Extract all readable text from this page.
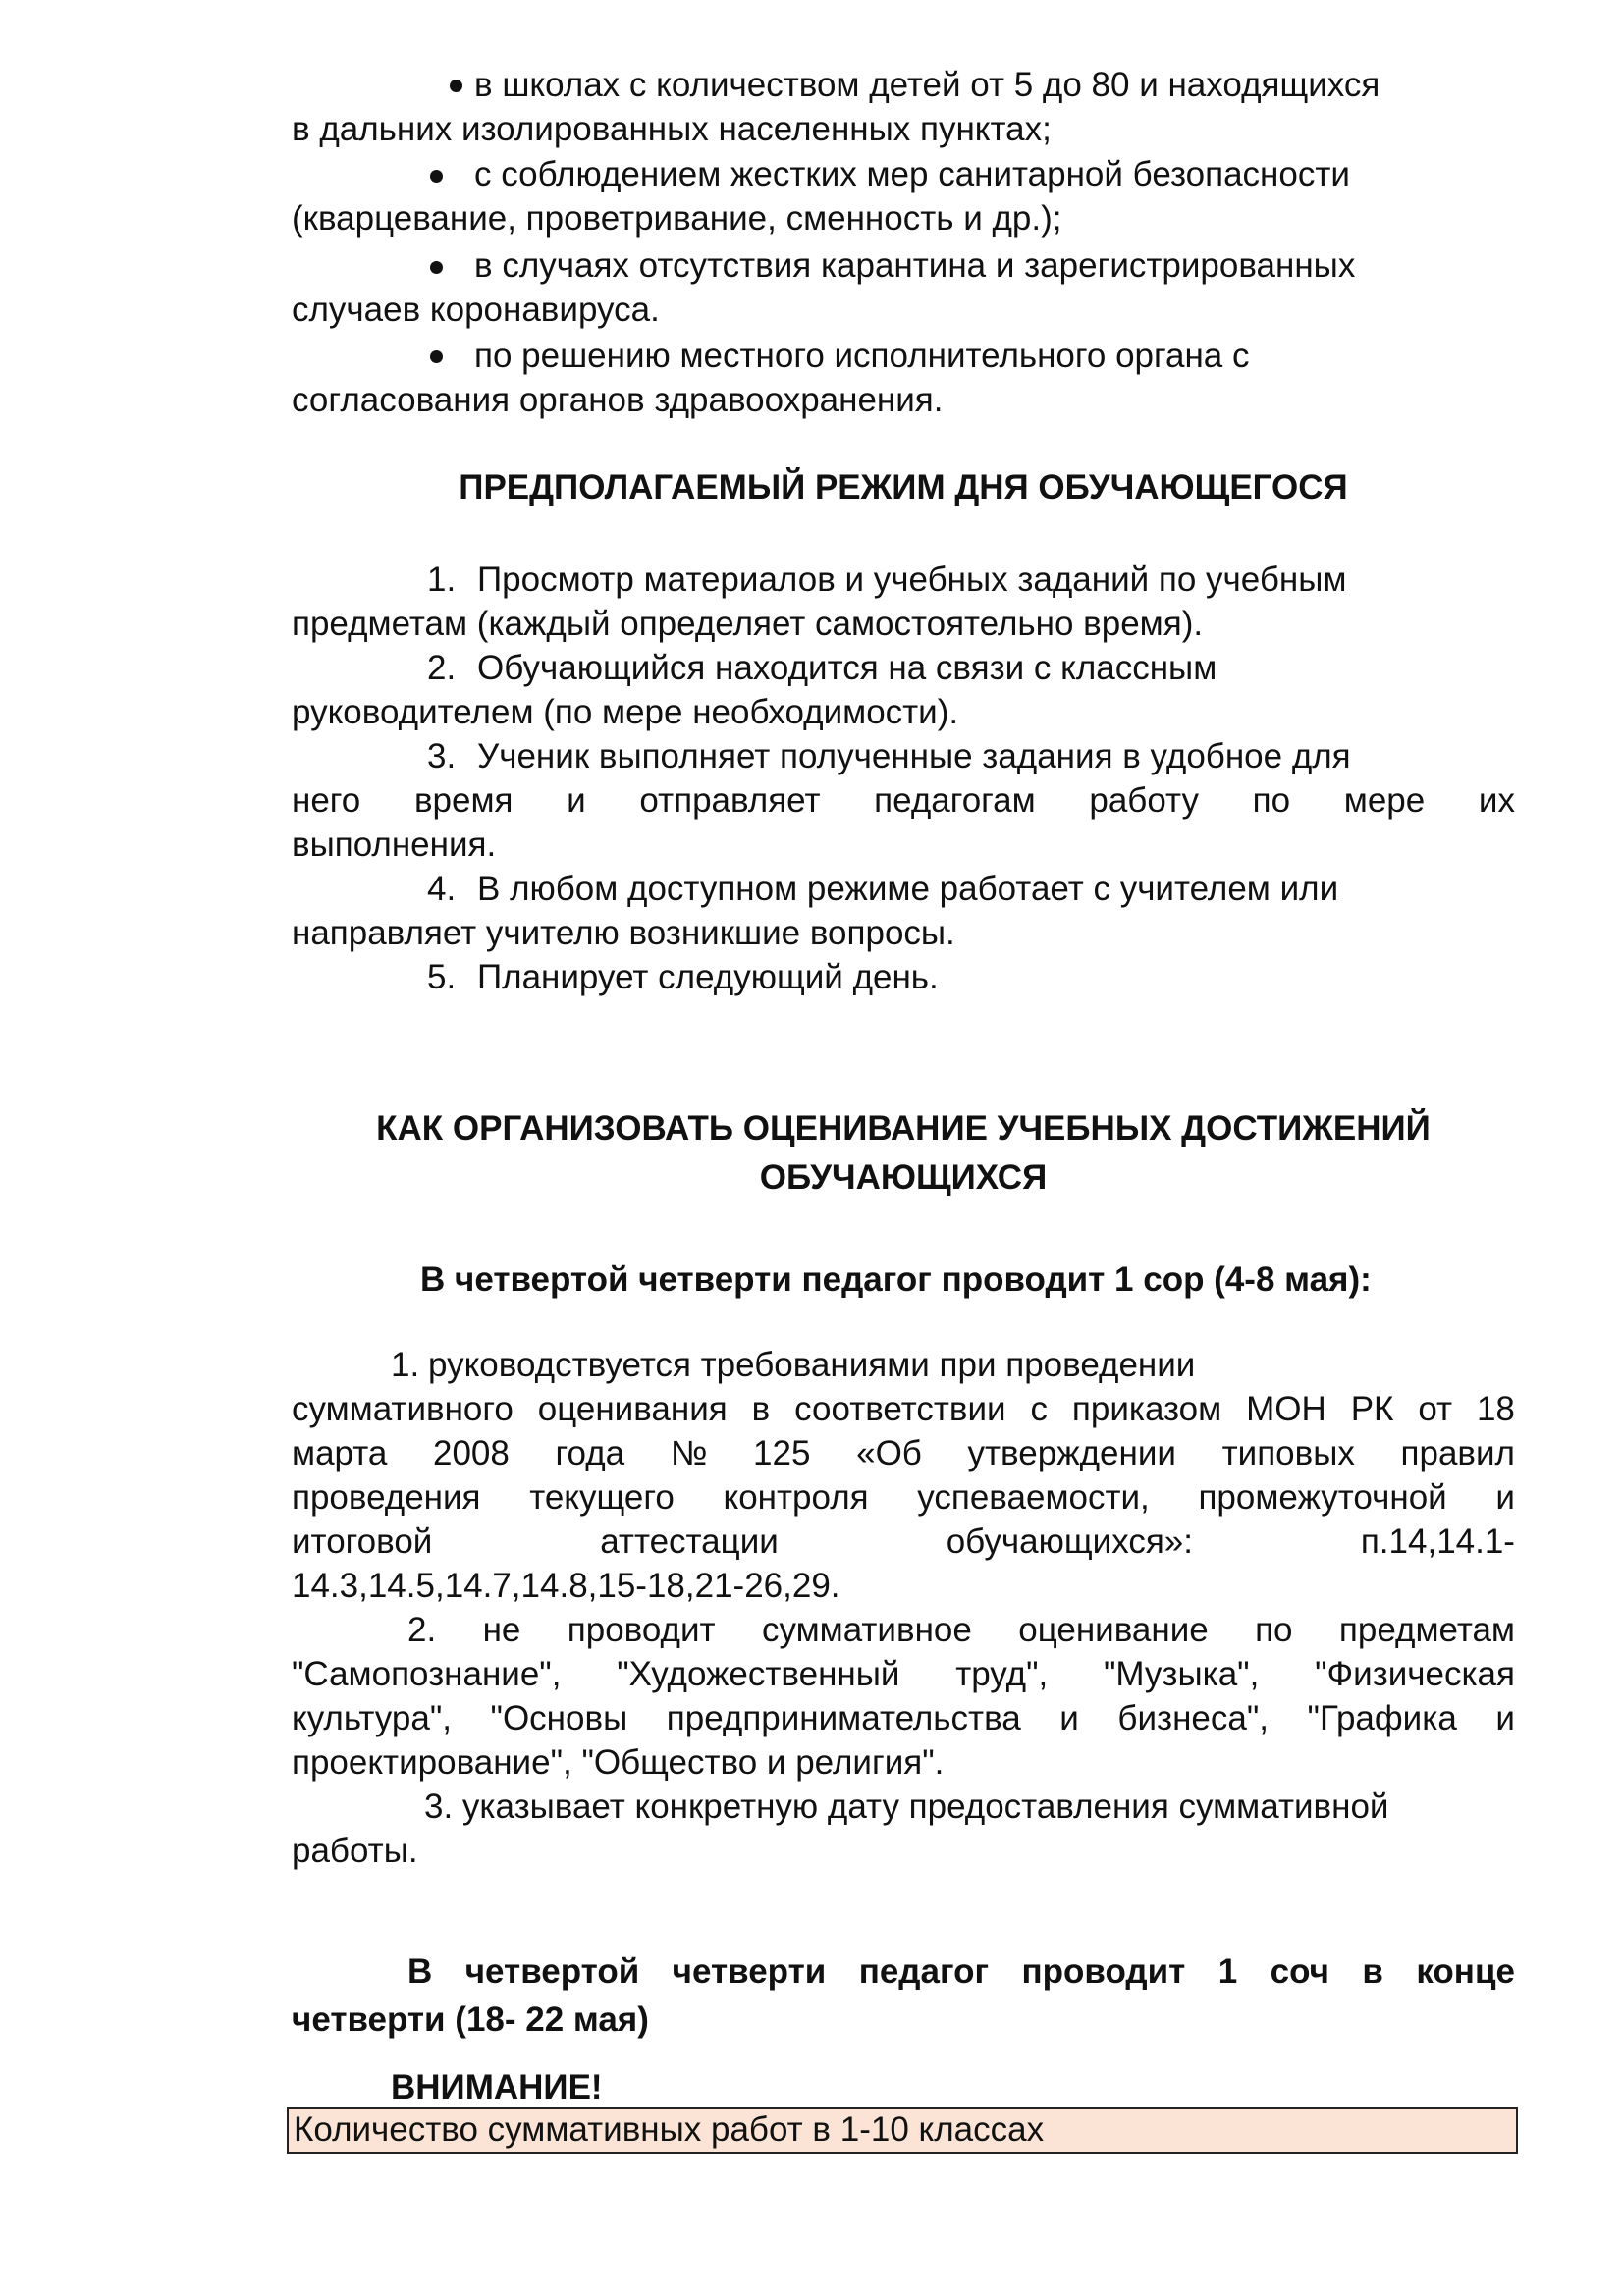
в школах с количеством детей от 5 до 80 и находящихся
в дальних изолированных населенных пунктах;
с соблюдением жестких мер санитарной безопасности
(кварцевание, проветривание, сменность и др.);
в случаях отсутствия карантина и зарегистрированных
случаев коронавируса.
по решению местного исполнительного органа с
согласования органов здравоохранения.
ПРЕДПОЛАГАЕМЫЙ РЕЖИМ ДНЯ ОБУЧАЮЩЕГОСЯ
1. Просмотр материалов и учебных заданий по учебным
предметам (каждый определяет самостоятельно время).
2. Обучающийся находится на связи с классным
руководителем (по мере необходимости).
3. Ученик выполняет полученные задания в удобное для
него время и отправляет педагогам работу по мере их
выполнения.
4. В любом доступном режиме работает с учителем или
направляет учителю возникшие вопросы.
5. Планирует следующий день.
КАК ОРГАНИЗОВАТЬ ОЦЕНИВАНИЕ УЧЕБНЫХ ДОСТИЖЕНИЙ
ОБУЧАЮЩИХСЯ
В четвертой четверти педагог проводит 1 сор (4-8 мая):
1. руководствуется требованиями при проведении
суммативного оценивания в соответствии с приказом МОН РК от 18
марта 2008 года № 125 «Об утверждении типовых правил
проведения текущего контроля успеваемости, промежуточной и
итоговой	аттестации	обучающихся»:	п.14,14.1-
14.3,14.5,14.7,14.8,15-18,21-26,29.
2. не проводит суммативное оценивание по предметам
"Самопознание", "Художественный труд", "Музыка", "Физическая
культура", "Основы предпринимательства и бизнеса", "Графика и
проектирование", "Общество и религия".
3. указывает конкретную дату предоставления суммативной
работы.
В четвертой четверти педагог проводит 1 соч в конце
четверти (18- 22 мая)
ВНИМАНИЕ!
Количество суммативных работ в 1-10 классах
